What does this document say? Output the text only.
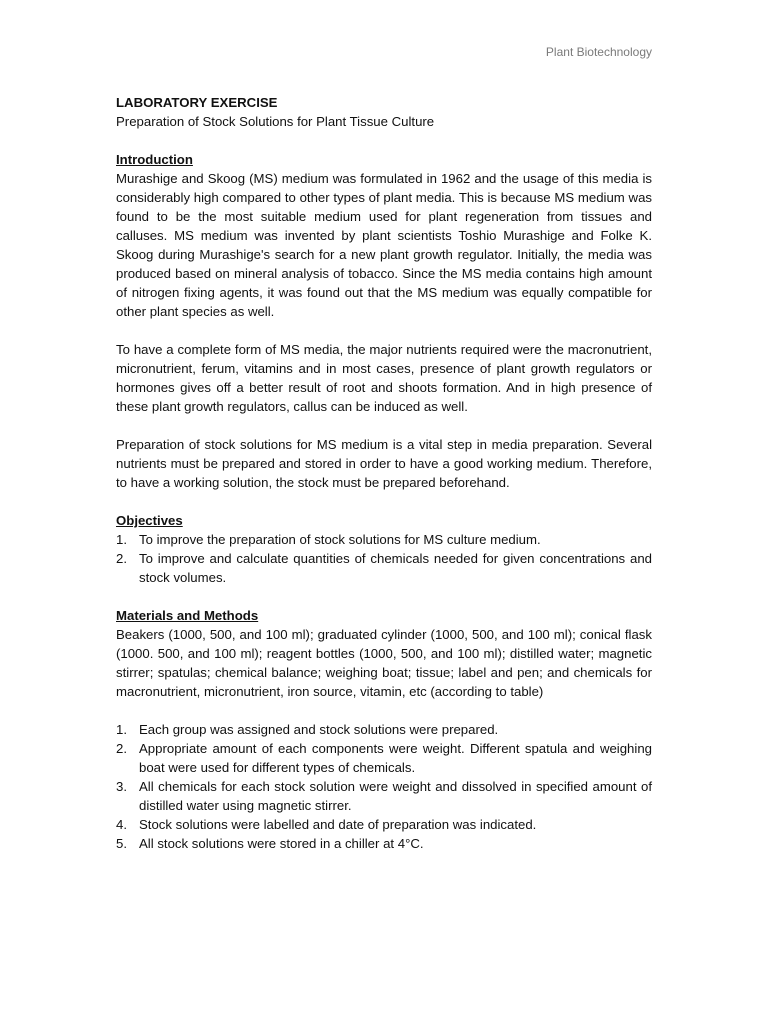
Plant Biotechnology

LABORATORY EXERCISE

Preparation of Stock Solutions for Plant Tissue Culture

Introduction

Murashige and Skoog (MS) medium was formulated in 1962 and the usage of this media is considerably high compared to other types of plant media. This is because MS medium was found to be the most suitable medium used for plant regeneration from tissues and calluses. MS medium was invented by plant scientists Toshio Murashige and Folke K. Skoog during Murashige's search for a new plant growth regulator. Initially, the media was produced based on mineral analysis of tobacco. Since the MS media contains high amount of nitrogen fixing agents, it was found out that the MS medium was equally compatible for other plant species as well.

To have a complete form of MS media, the major nutrients required were the macronutrient, micronutrient, ferum, vitamins and in most cases, presence of plant growth regulators or hormones gives off a better result of root and shoots formation. And in high presence of these plant growth regulators, callus can be induced as well.

Preparation of stock solutions for MS medium is a vital step in media preparation. Several nutrients must be prepared and stored in order to have a good working medium. Therefore, to have a working solution, the stock must be prepared beforehand.

Objectives

1. To improve the preparation of stock solutions for MS culture medium.
2. To improve and calculate quantities of chemicals needed for given concentrations and stock volumes.

Materials and Methods

Beakers (1000, 500, and 100 ml); graduated cylinder (1000, 500, and 100 ml); conical flask (1000. 500, and 100 ml); reagent bottles (1000, 500, and 100 ml); distilled water; magnetic stirrer; spatulas; chemical balance; weighing boat; tissue; label and pen; and chemicals for macronutrient, micronutrient, iron source, vitamin, etc (according to table)

1. Each group was assigned and stock solutions were prepared.
2. Appropriate amount of each components were weight. Different spatula and weighing boat were used for different types of chemicals.
3. All chemicals for each stock solution were weight and dissolved in specified amount of distilled water using magnetic stirrer.
4. Stock solutions were labelled and date of preparation was indicated.
5. All stock solutions were stored in a chiller at 4°C.
